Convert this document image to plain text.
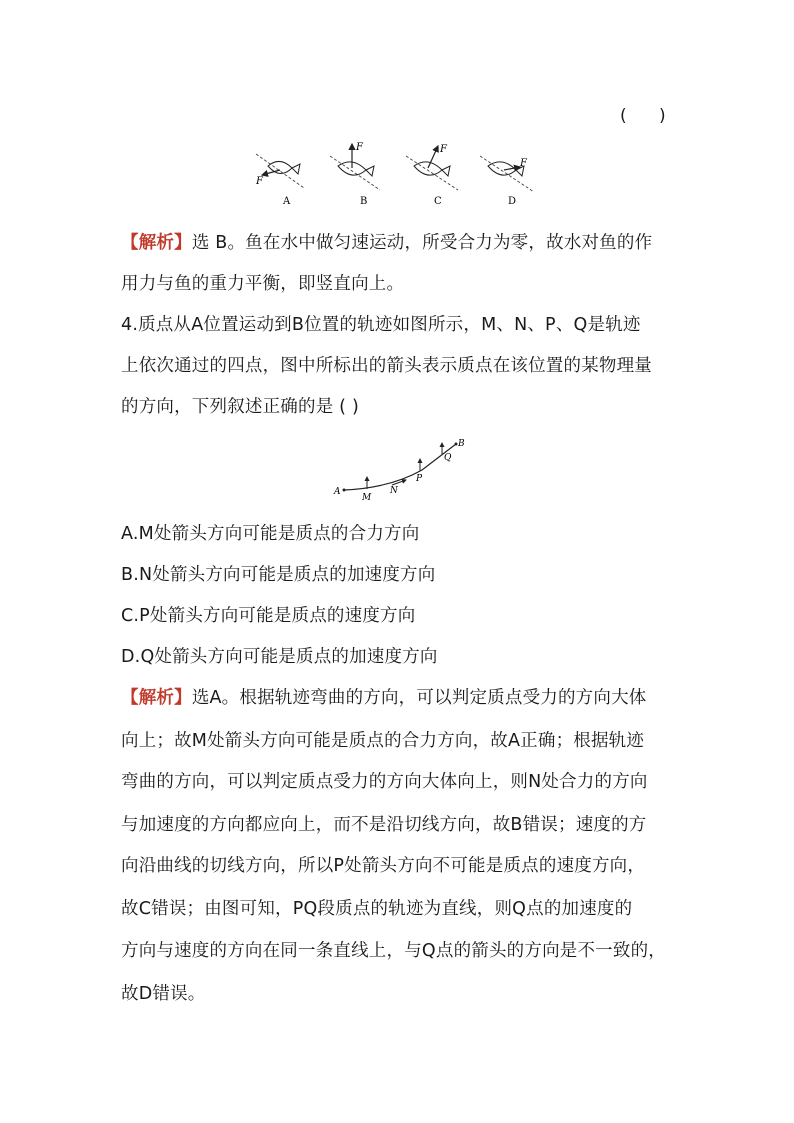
(      )
F
A
F
B
F
C
F
D
【解析】选 B。鱼在水中做匀速运动，所受合力为零，故水对鱼的作
用力与鱼的重力平衡，即竖直向上。
4.质点从A位置运动到B位置的轨迹如图所示，M、N、P、Q是轨迹
上依次通过的四点，图中所标出的箭头表示质点在该位置的某物理量
的方向，下列叙述正确的是 ( )
A
B
M
N
P
Q
A.M处箭头方向可能是质点的合力方向
B.N处箭头方向可能是质点的加速度方向
C.P处箭头方向可能是质点的速度方向
D.Q处箭头方向可能是质点的加速度方向
【解析】选A。根据轨迹弯曲的方向，可以判定质点受力的方向大体
向上；故M处箭头方向可能是质点的合力方向，故A正确；根据轨迹
弯曲的方向，可以判定质点受力的方向大体向上，则N处合力的方向
与加速度的方向都应向上，而不是沿切线方向，故B错误；速度的方
向沿曲线的切线方向，所以P处箭头方向不可能是质点的速度方向，
故C错误；由图可知，PQ段质点的轨迹为直线，则Q点的加速度的
方向与速度的方向在同一条直线上，与Q点的箭头的方向是不一致的，
故D错误。
